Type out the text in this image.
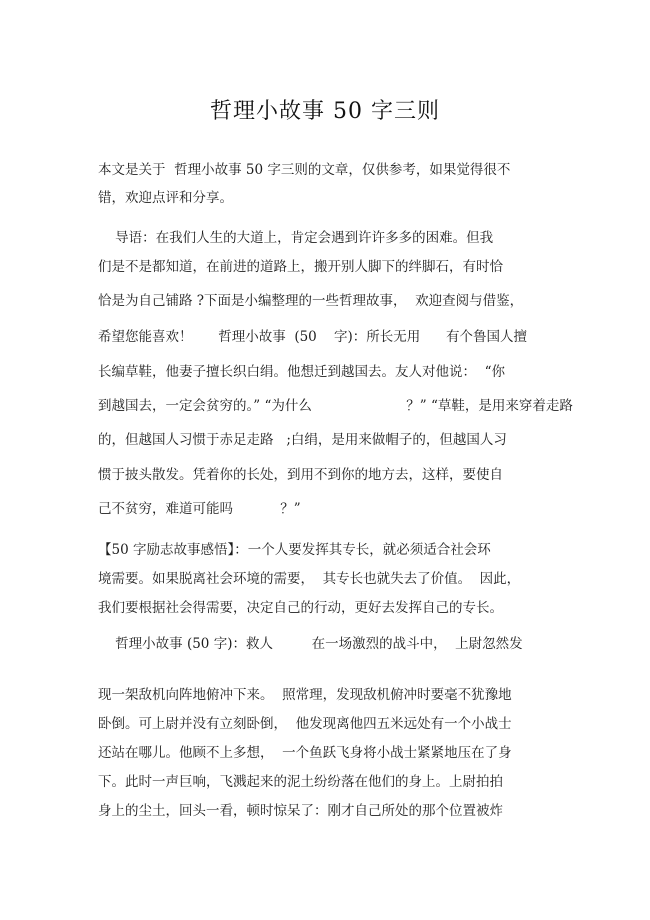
哲理小故事 50 字三则
本文是关于  哲理小故事 50 字三则的文章，仅供参考，如果觉得很不
错，欢迎点评和分享。
导语：在我们人生的大道上，肯定会遇到许许多多的困难。但我
们是不是都知道，在前进的道路上，搬开别人脚下的绊脚石，有时恰
恰是为自己铺路 ?下面是小编整理的一些哲理故事，  欢迎查阅与借鉴，
希望您能喜欢！      哲理小故事  (50    字)：所长无用      有个鲁国人擅
长编草鞋，他妻子擅长织白绢。他想迁到越国去。友人对他说：  “你
到越国去，一定会贫穷的。” “为什么                      ？” “草鞋，是用来穿着走路
的，但越国人习惯于赤足走路   ;白绢，是用来做帽子的，但越国人习
惯于披头散发。凭着你的长处，到用不到你的地方去，这样，要使自
己不贫穷，难道可能吗           ？”
【50 字励志故事感悟】：一个人要发挥其专长，就必须适合社会环
境需要。如果脱离社会环境的需要，  其专长也就失去了价值。  因此，
我们要根据社会得需要，决定自己的行动，更好去发挥自己的专长。
哲理小故事 (50 字)：救人         在一场激烈的战斗中，  上尉忽然发
现一架敌机向阵地俯冲下来。  照常理，发现敌机俯冲时要毫不犹豫地
卧倒。可上尉并没有立刻卧倒，  他发现离他四五米远处有一个小战士
还站在哪儿。他顾不上多想，  一个鱼跃飞身将小战士紧紧地压在了身
下。此时一声巨响，飞溅起来的泥土纷纷落在他们的身上。上尉拍拍
身上的尘土，回头一看，顿时惊呆了：刚才自己所处的那个位置被炸
